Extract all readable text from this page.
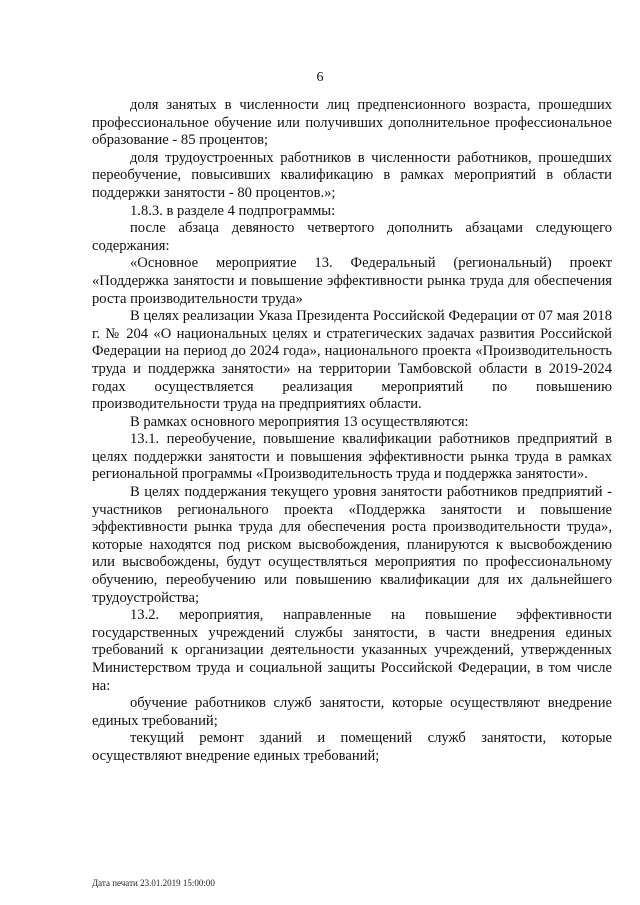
6

доля занятых в численности лиц предпенсионного возраста, прошедших профессиональное обучение или получивших дополнительное профессиональное образование - 85 процентов;

доля трудоустроенных работников в численности работников, прошедших переобучение, повысивших квалификацию в рамках мероприятий в области поддержки занятости - 80 процентов.»;

1.8.3. в разделе 4 подпрограммы:

после абзаца девяносто четвертого дополнить абзацами следующего содержания:

«Основное мероприятие 13. Федеральный (региональный) проект «Поддержка занятости и повышение эффективности рынка труда для обеспечения роста производительности труда»

В целях реализации Указа Президента Российской Федерации от 07 мая 2018 г. № 204 «О национальных целях и стратегических задачах развития Российской Федерации на период до 2024 года», национального проекта «Производительность труда и поддержка занятости» на территории Тамбовской области в 2019-2024 годах осуществляется реализация мероприятий по повышению производительности труда на предприятиях области.

В рамках основного мероприятия 13 осуществляются:

13.1. переобучение, повышение квалификации работников предприятий в целях поддержки занятости и повышения эффективности рынка труда в рамках региональной программы «Производительность труда и поддержка занятости».

В целях поддержания текущего уровня занятости работников предприятий - участников регионального проекта «Поддержка занятости и повышение эффективности рынка труда для обеспечения роста производительности труда», которые находятся под риском высвобождения, планируются к высвобождению или высвобождены, будут осуществляться мероприятия по профессиональному обучению, переобучению или повышению квалификации для их дальнейшего трудоустройства;

13.2. мероприятия, направленные на повышение эффективности государственных учреждений службы занятости, в части внедрения единых требований к организации деятельности указанных учреждений, утвержденных Министерством труда и социальной защиты Российской Федерации, в том числе на:

обучение работников служб занятости, которые осуществляют внедрение единых требований;

текущий ремонт зданий и помещений служб занятости, которые осуществляют внедрение единых требований;

Дата печати 23.01.2019 15:00:00
